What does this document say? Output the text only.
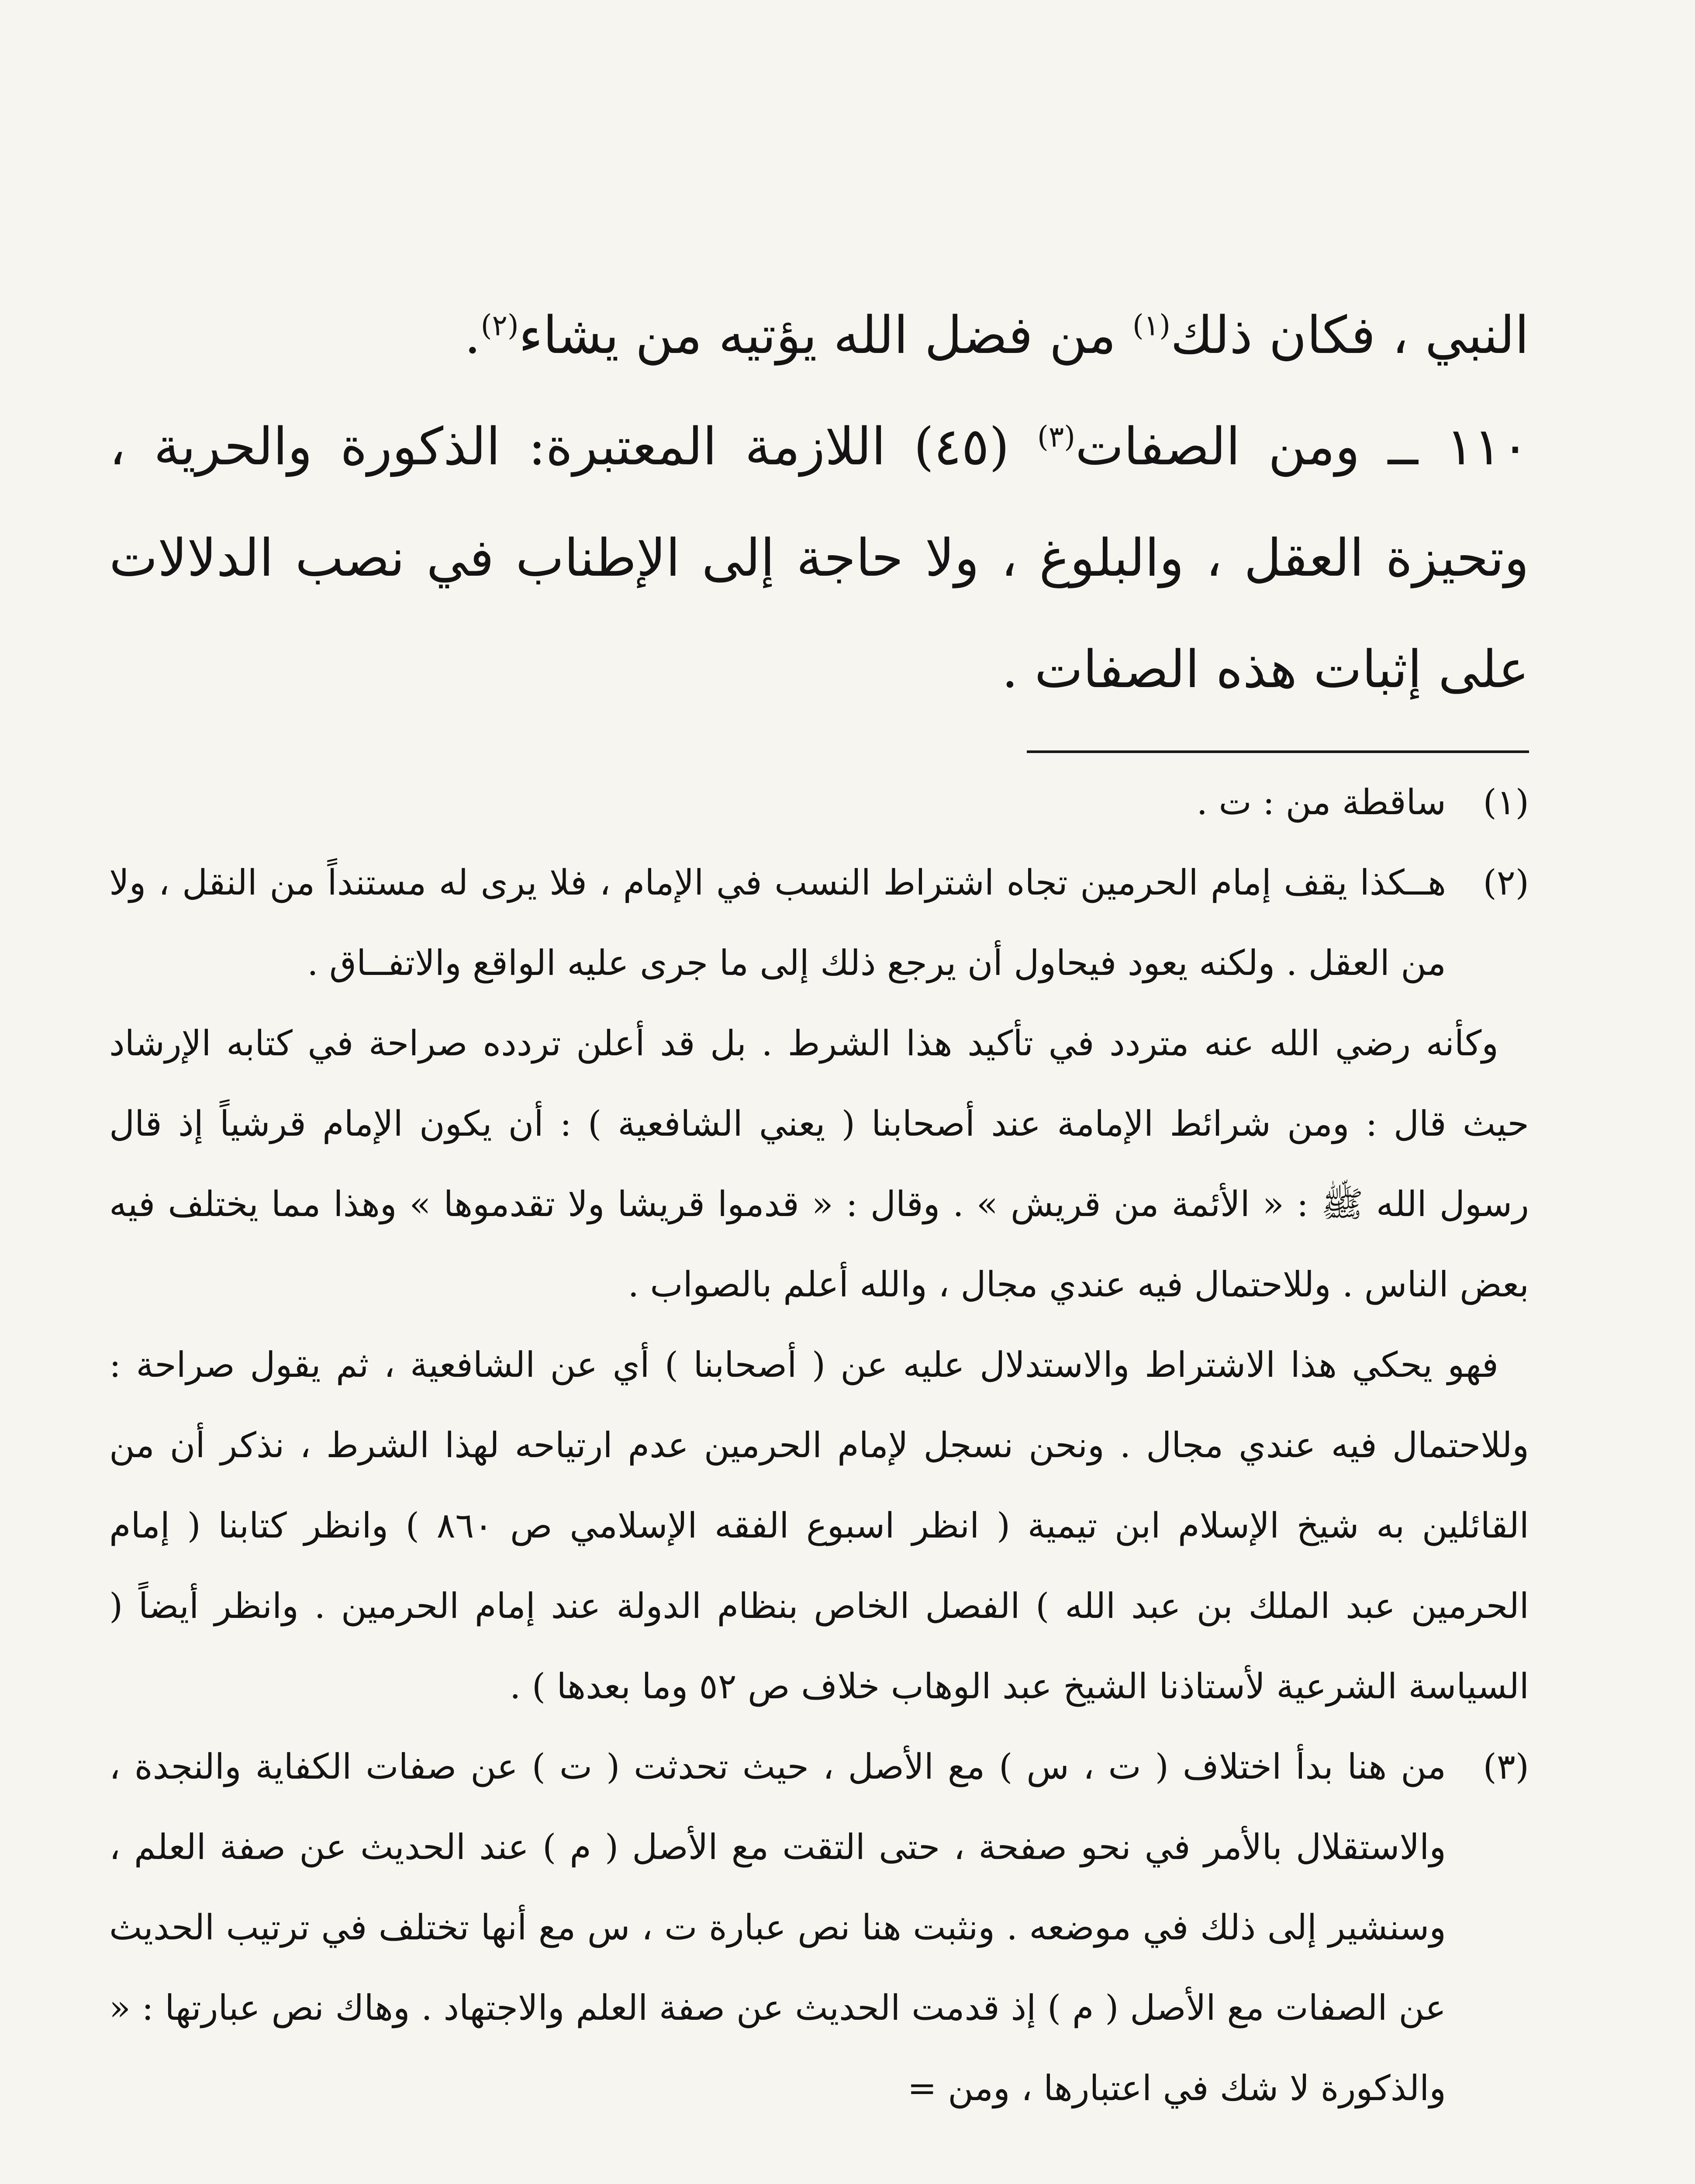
النبي ، فكان ذلك$^{(١)}$ من فضل الله يؤتيه من يشاء$^{(٢)}$.

١١٠ ــ ومن الصفات$^{(٣)}$ (٤٥) اللازمة المعتبرة: الذكورة والحرية ، وتحيزة العقل ، والبلوغ ، ولا حاجة إلى الإطناب في نصب الدلالات على إثبات هذه الصفات .

(١)

ساقطة من : ت .

(٢)

هــكذا يقف إمام الحرمين تجاه اشتراط النسب في الإمام ، فلا يرى له مستنداً من النقل ، ولا من العقل . ولكنه يعود فيحاول أن يرجع ذلك إلى ما جرى عليه الواقع والاتفــاق .

وكأنه رضي الله عنه متردد في تأكيد هذا الشرط . بل قد أعلن تردده صراحة في كتابه الإرشاد حيث قال : ومن شرائط الإمامة عند أصحابنا ( يعني الشافعية ) : أن يكون الإمام قرشياً إذ قال رسول الله ﷺ : « الأئمة من قريش » . وقال : « قدموا قريشا ولا تقدموها » وهذا مما يختلف فيه بعض الناس . وللاحتمال فيه عندي مجال ، والله أعلم بالصواب .

فهو يحكي هذا الاشتراط والاستدلال عليه عن ( أصحابنا ) أي عن الشافعية ، ثم يقول صراحة : وللاحتمال فيه عندي مجال . ونحن نسجل لإمام الحرمين عدم ارتياحه لهذا الشرط ، نذكر أن من القائلين به شيخ الإسلام ابن تيمية ( انظر اسبوع الفقه الإسلامي ص ٨٦٠ ) وانظر كتابنا ( إمام الحرمين عبد الملك بن عبد الله ) الفصل الخاص بنظام الدولة عند إمام الحرمين . وانظر أيضاً ( السياسة الشرعية لأستاذنا الشيخ عبد الوهاب خلاف ص ٥٢ وما بعدها ) .

(٣)

من هنا بدأ اختلاف ( ت ، س ) مع الأصل ، حيث تحدثت ( ت ) عن صفات الكفاية والنجدة ، والاستقلال بالأمر في نحو صفحة ، حتى التقت مع الأصل ( م ) عند الحديث عن صفة العلم ، وسنشير إلى ذلك في موضعه . ونثبت هنا نص عبارة ت ، س مع أنها تختلف في ترتيب الحديث عن الصفات مع الأصل ( م ) إذ قدمت الحديث عن صفة العلم والاجتهاد . وهاك نص عبارتها : « والذكورة لا شك في اعتبارها ، ومن =
